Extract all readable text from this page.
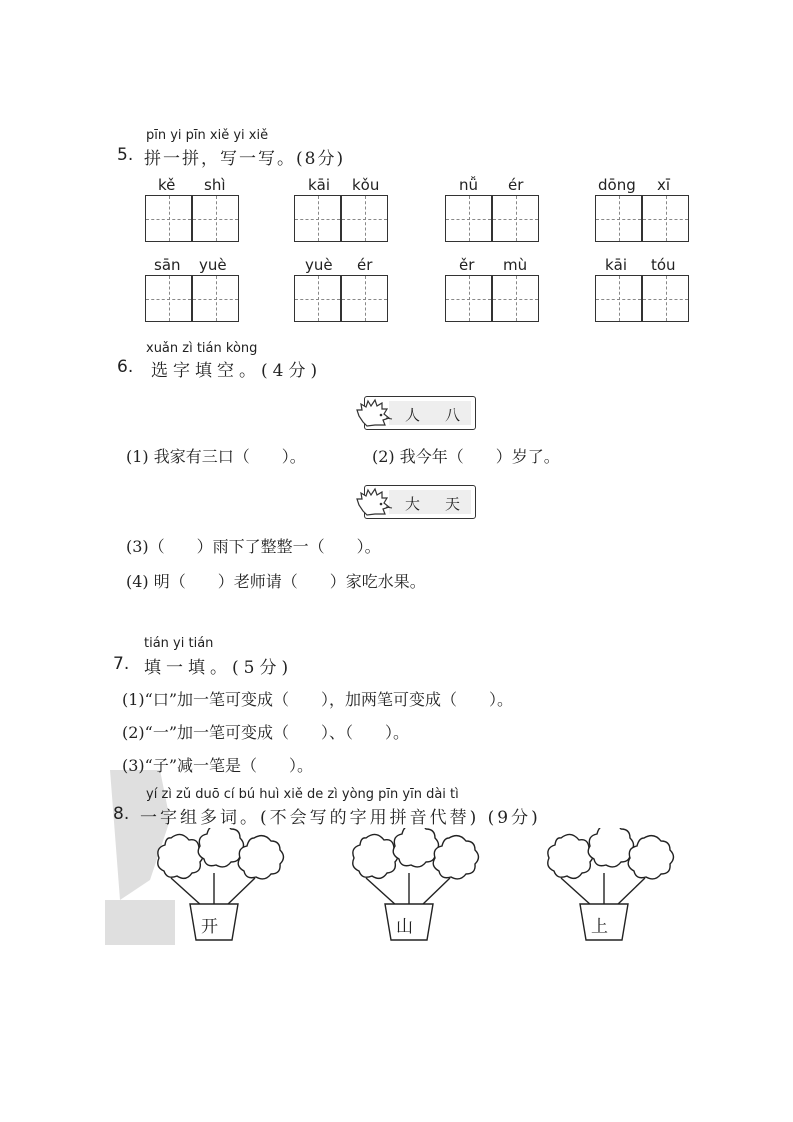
pīn yi pīn xiě yi xiě
5. 拼一拼，写一写。(8分)
kě shì	kāi kǒu	nǚ ér	dōng xī
sān yuè	yuè ér	ěr mù	kāi tóu
xuǎn zì tián kòng
6. 选字填空。(4分)
人 八
(1) 我家有三口（　　）。	(2) 我今年（　　）岁了。
大 天
(3)（　　）雨下了整整一（　　）。
(4) 明（　　）老师请（　　）家吃水果。
tián yi tián
7. 填一填。(5分)
(1)“口”加一笔可变成（　　），加两笔可变成（　　）。
(2)“一”加一笔可变成（　　）、（　　）。
(3)“子”减一笔是（　　）。
yí zì zǔ duō cí bú huì xiě de zì yòng pīn yīn dài tì
8. 一字组多词。(不会写的字用拼音代替) (9分)
开	山	上
